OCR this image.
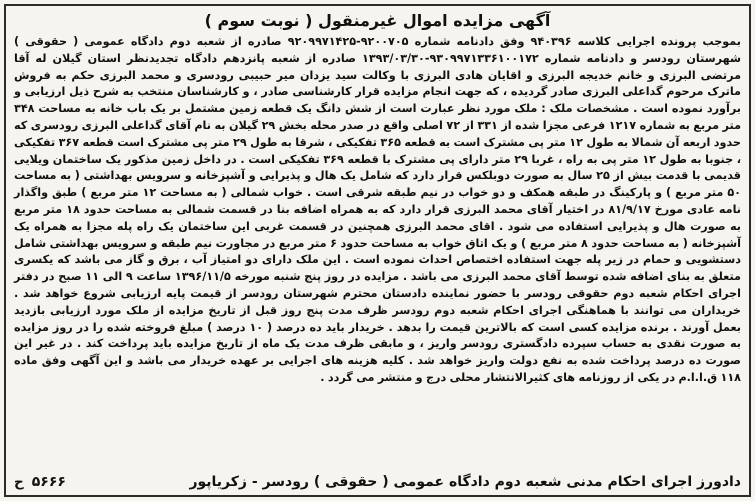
آگهی مزایده اموال غیرمنقول ( نوبت سوم )

بموجب پرونده اجرایی کلاسه ۹۴۰۳۹۶ وفق دادنامه شماره ۹۲۰۰۷۰۵-۹۲۰۹۹۷۱۴۲۵ صادره از شعبه دوم دادگاه عمومی ( حقوقی ) شهرستان رودسر و دادنامه شماره ۹۳۰۹۹۷۱۳۳۶۱۰۰۱۷۲-۱۳۹۳/۰۳/۳۰ صادره از شعبه پانزدهم دادگاه تجدیدنظر استان گیلان له آقا مرتضی البرزی و خانم خدیجه البرزی و اقایان هادی البرزی با وکالت سید یزدان میر حبیبی رودسری و محمد البرزی حکم به فروش ماترک مرحوم گداعلی البرزی صادر گردیده ، که جهت انجام مزایده قرار کارشناسی صادر ، و کارشناسان منتخب به شرح ذیل ارزیابی و برآورد نموده است . مشخصات ملک : ملک مورد نظر عبارت است از شش دانگ یک قطعه زمین مشتمل بر یک باب خانه به مساحت ۳۴۸ متر مربع به شماره ۱۲۱۷ فرعی مجزا شده از ۳۳۱ از ۷۲ اصلی واقع در صدر محله بخش ۲۹ گیلان به نام آقای گداعلی البرزی رودسری که حدود اربعه آن شمالا به طول ۱۲ متر پی مشترک است به قطعه ۳۶۵ تفکیکی ، شرقا به طول ۲۹ متر پی مشترک است قطعه ۳۶۷ تفکیکی ، جنوبا به طول ۱۲ متر پی به راه ، غربا ۲۹ متر دارای پی مشترک با قطعه ۳۶۹ تفکیکی است . در داخل زمین مذکور یک ساختمان ویلایی قدیمی با قدمت بیش از ۲۵ سال به صورت دوبلکس قرار دارد که شامل یک هال و پذیرایی و آشپزخانه و سرویس بهداشتی ( به مساحت ۵۰ متر مربع ) و پارکینگ در طبقه همکف و دو خواب در نیم طبقه شرقی است . خواب شمالی ( به مساحت ۱۲ متر مربع ) طبق واگذار نامه عادی مورخ ۸۱/۹/۱۷ در اختیار آقای محمد البرزی قرار دارد که به همراه اضافه بنا در قسمت شمالی به مساحت حدود ۱۸ متر مربع به صورت هال و پذیرایی استفاده می شود . اقای محمد البرزی همچنین در قسمت غربی این ساختمان یک راه پله مجزا به همراه یک آشپزخانه ( به مساحت حدود ۸ متر مربع ) و یک اتاق خواب به مساحت حدود ۶ متر مربع در مجاورت نیم طبقه و سرویس بهداشتی شامل دستشویی و حمام در زیر پله جهت استفاده اختصاص احداث نموده است . این ملک دارای دو امتیاز آب ، برق و گاز می باشد که یکسری متعلق به بنای اضافه شده توسط آقای محمد البرزی می باشد . مزایده در روز پنج شنبه مورخه ۱۳۹۶/۱۱/۵ ساعت ۹ الی ۱۱ صبح در دفتر اجرای احکام شعبه دوم حقوقی رودسر با حضور نماینده دادستان محترم شهرستان رودسر از قیمت پایه ارزیابی شروع خواهد شد . خریداران می توانند با هماهنگی اجرای احکام شعبه دوم رودسر ظرف مدت پنج روز قبل از تاریخ مزایده از ملک مورد ارزیابی بازدید بعمل آورند . برنده مزایده کسی است که بالاترین قیمت را بدهد . خریدار باید ده درصد ( ۱۰ درصد ) مبلغ فروخته شده را در روز مزایده به صورت نقدی به حساب سپرده دادگستری رودسر واریز ، و مابقی ظرف مدت یک ماه از تاریخ مزایده باید پرداخت کند . در غیر این صورت ده درصد پرداخت شده به نفع دولت واریز خواهد شد . کلیه هزینه های اجرایی بر عهده خریدار می باشد و این آگهی وفق ماده ۱۱۸ ق.ا.ا.م در یکی از روزنامه های کثیرالانتشار محلی درج و منتشر می گردد .

دادورز اجرای احکام مدنی شعبه دوم دادگاه عمومی ( حقوقی ) رودسر - زکریاپور
۵۶۶۶
ح
